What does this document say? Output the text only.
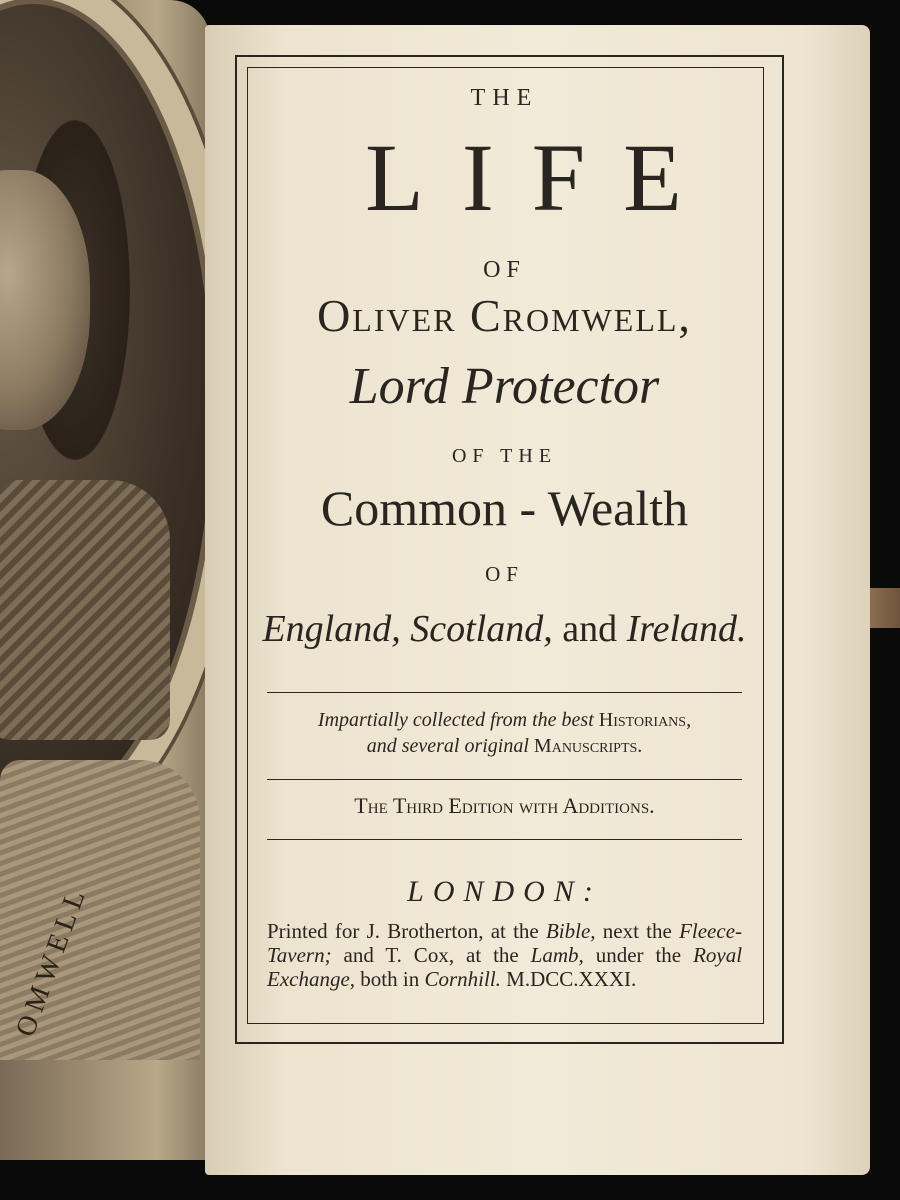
OMWELL
THE
LIFE
OF
Oliver Cromwell,
Lord Protector
OF THE
Common - Wealth
OF
England, Scotland, and Ireland.
Impartially collected from the best Historians,
and several original Manuscripts.
The Third Edition with Additions.
LONDON:
Printed for J. Brotherton, at the Bible, next the Fleece-Tavern; and T. Cox, at the Lamb, under the Royal Exchange, both in Cornhill. M.DCC.XXXI.
